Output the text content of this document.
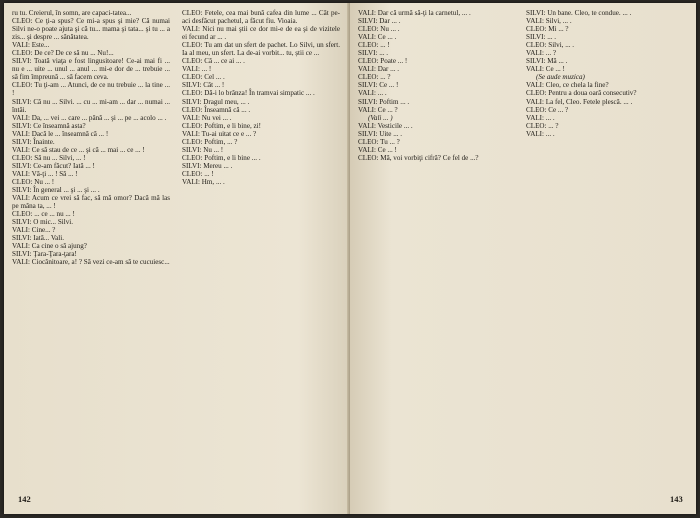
ru tu. Creierul, în somn, are capaci-tatea...

CLEO: Ce ţi-a spus? Ce mi-a spus şi mie? Că numai Silvi ne-o poate ajuta şi că tu... mama şi tata... şi tu ... a zis... şi despre ... sănătatea.

VALI: Este...

CLEO: De ce? De ce să nu ... Nu!...

SILVI: Toată viaţa e fost lingusitoare! Ce-ai mai fi ... nu e ... uite ... unul ... anul ... mi-e dor de ... trebuie ... să fim împreună ... să facem ceva.

CLEO: Tu ţi-am ... Atunci, de ce nu trebuie ... la tine ... !

SILVI: Că nu ... Silvi. ... cu ... mi-am ... dar ... numai ... întâi.

VALI: Da, ... vei ... care ... până ... şi ... pe ... acolo ... .

SILVI: Ce înseamnă asta?

VALI: Dacă le ... înseamnă că ... !

SILVI: Înainte.

VALI: Ce să stau de ce ... şi că ... mai ... ce ... !

CLEO: Să nu ... Silvi, ... !

SILVI: Ce-am făcut? Iată ... !

VALI: Vă-ţi ... ! Să ... !

CLEO: Nu ... !

SILVI: În general ... şi ... şi ... .

VALI: Acum ce vrei să fac, să mă omor? Dacă mă las pe mâna ta, ... !

CLEO: ... ce ... nu ... !

SILVI: O mic... Silvi.

VALI: Cine... ?

SILVI: Iată... Vali.

VALI: Ca cine o să ajung?

SILVI: Ţara-Ţara-ţara!

VALI: Ciocănitoare, a! ? Să vezi ce-am să te cucuiesc...

CLEO: Fetele, cea mai bună cafea din lume ... Cât pe-aci desfăcut pachetul, a făcut fiu. Vioaia.

VALI: Nici nu mai ştii ce dor mi-e de ea şi de vizitele ei fecund ar ... .

CLEO: Tu am dat un sfert de pachet. Lo Silvi, un sfert. Ia al meu, un sfert. La de-ai vorbit... tu, știi ce ...

CLEO: Că ... ce ai ... .

VALI: ... !

CLEO: Cel ... .

SILVI: Cât ... !

CLEO: Dă-i lo brânza! În tramvai simpatic ... .

SILVI: Dragul meu, ... .

CLEO: Înseamnă că ... .

VALI: Nu vei ... .

CLEO: Poftim, e li bine, zi!

VALI: Tu-ai uitat ce e ... ?

CLEO: Poftim, ... ?

SILVI: Nu ... !

CLEO: Poftim, e li bine ... .

SILVI: Mereu ... .

CLEO: ... !

VALI: Hm, ... .

142

VALI: Dar că urmă să-ţi la carnetul, ... .

SILVI: Dar ... .

CLEO: Nu ... .

VALI: Ce ... .

CLEO: ... !

SILVI: ... .

CLEO: Poate ... !

VALI: Dar ... .

CLEO: ... ?

SILVI: Ce ... !

VALI: ... .

SILVI: Poftim ... .

VALI: Ce ... ?

(Vali ... )

VALI: Vesticile ... .

SILVI: Uite ... .

CLEO: Tu ... ?

VALI: Ce ... !

CLEO: Mă, voi vorbiţi cifră? Ce fel de ...?

SILVI: Un bane. Cleo, te condue. ... .

VALI: Silvi, ... .

CLEO: Mi ... ?

SILVI: ... .

CLEO: Silvi, ... .

VALI: ... ?

SILVI: Mă ... .

VALI: Ce ... !

(Se aude muzica)

VALI: Cleo, ce chela la fine?

CLEO: Pentru a doua oară consecutiv?

VALI: La fel, Cleo. Fetele plescă. ... .

CLEO: Ce ... ?

VALI: ... .

CLEO: ... ?

VALI: ... .

143
